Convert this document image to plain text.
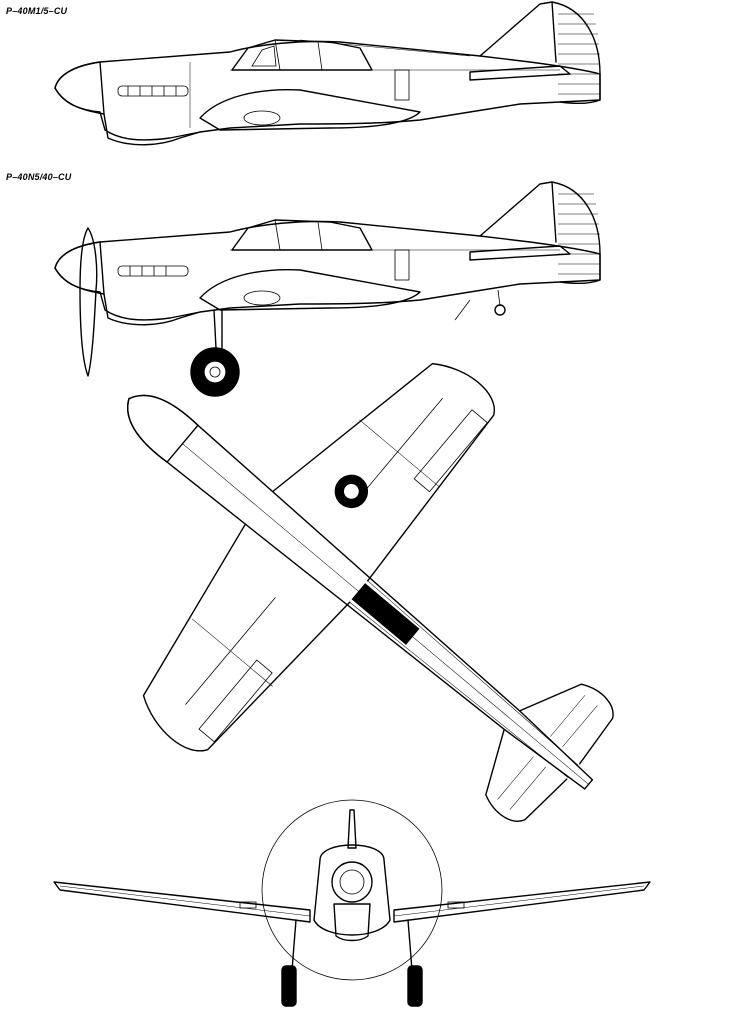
P–40M1/5–CU
P–40N5/40–CU
